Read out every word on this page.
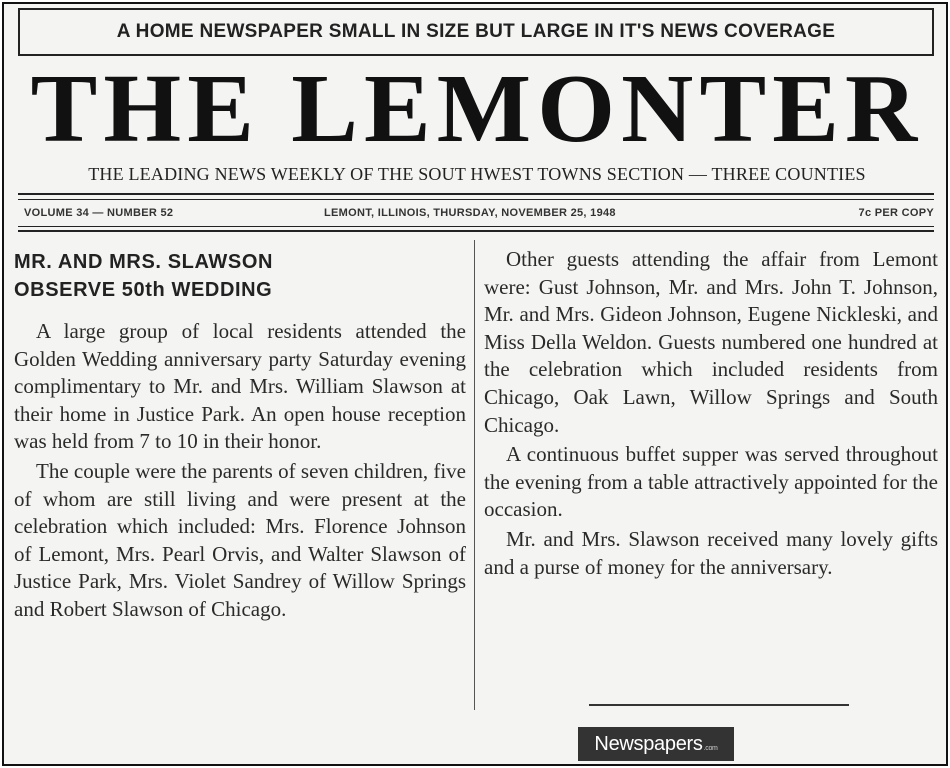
A HOME NEWSPAPER SMALL IN SIZE BUT LARGE IN IT'S NEWS COVERAGE
THE LEMONTER
THE LEADING NEWS WEEKLY OF THE SOUT HWEST TOWNS SECTION — THREE COUNTIES
VOLUME 34 — NUMBER 52	LEMONT, ILLINOIS, THURSDAY, NOVEMBER 25, 1948	7c PER COPY
MR. AND MRS. SLAWSON
OBSERVE 50th WEDDING

A large group of local residents attended the Golden Wedding anniversary party Saturday evening complimentary to Mr. and Mrs. William Slawson at their home in Justice Park. An open house reception was held from 7 to 10 in their honor.

The couple were the parents of seven children, five of whom are still living and were present at the celebration which included: Mrs. Florence Johnson of Lemont, Mrs. Pearl Orvis, and Walter Slawson of Justice Park, Mrs. Violet Sandrey of Willow Springs and Robert Slawson of Chicago.

Other guests attending the affair from Lemont were: Gust Johnson, Mr. and Mrs. John T. Johnson, Mr. and Mrs. Gideon Johnson, Eugene Nickleski, and Miss Della Weldon. Guests numbered one hundred at the celebration which included residents from Chicago, Oak Lawn, Willow Springs and South Chicago.

A continuous buffet supper was served throughout the evening from a table attractively appointed for the occasion.

Mr. and Mrs. Slawson received many lovely gifts and a purse of money for the anniversary.

Newspapers .com
